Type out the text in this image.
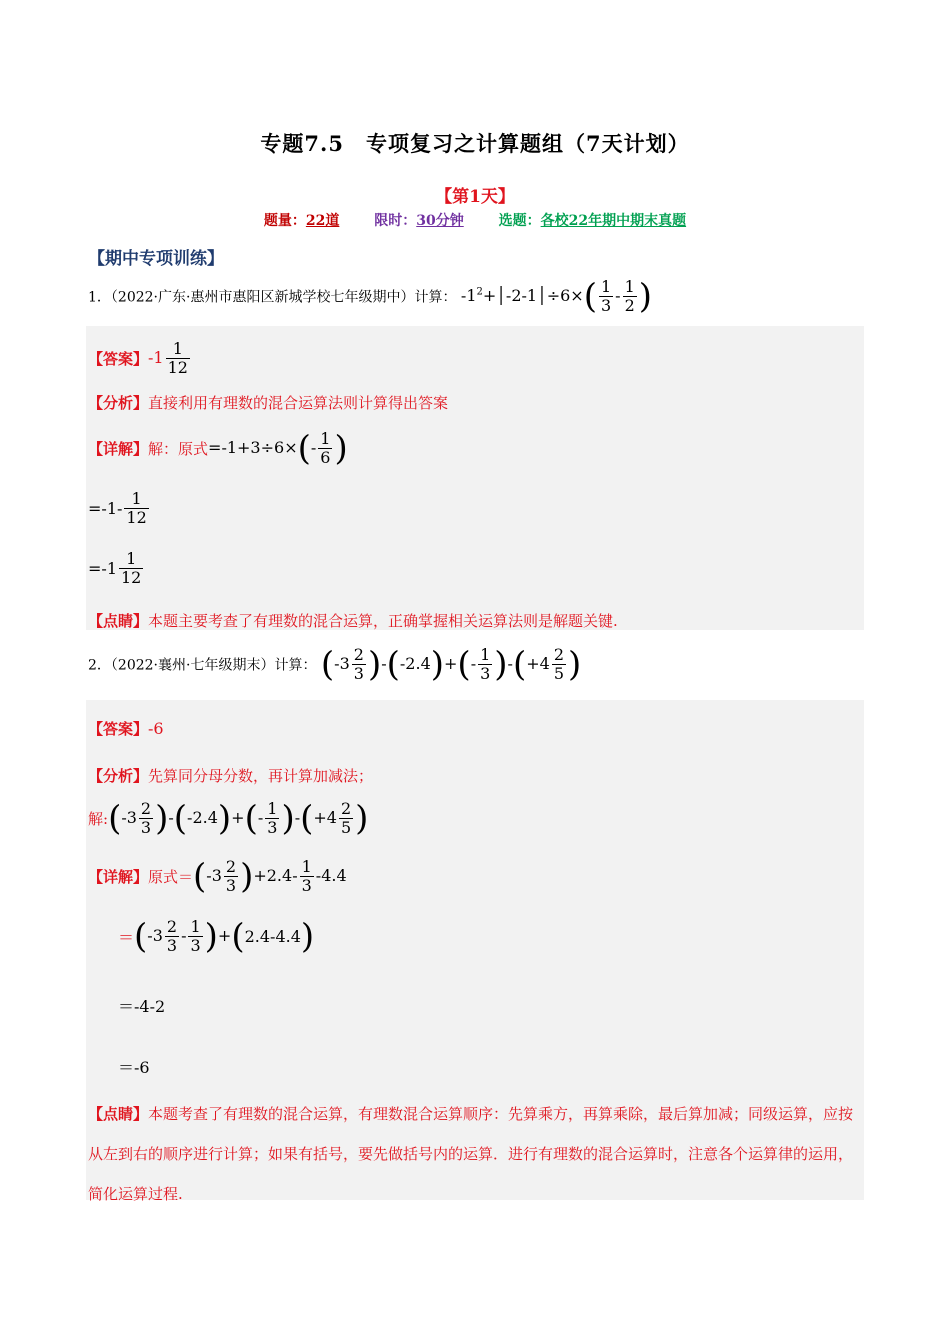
专题7.5　专项复习之计算题组（7天计划）
【第1天】
题量：22道 限时：30分钟 选题：各校22年期中期末真题
【期中专项训练】
1．（2022·广东·惠州市惠阳区新城学校七年级期中）计算： $-1^2+│-2-1│\div 6\times( \frac{1}{3} - \frac{1}{2}$ )
【答案】$-1 \frac{1}{12}$
【分析】直接利用有理数的混合运算法则计算得出答案
【详解】解：原式$=-1+3\div 6\times(- \frac{1}{6}$ )
$=-1- \frac{1}{12}$
$=-1 \frac{1}{12}$
【点睛】本题主要考查了有理数的混合运算，正确掌握相关运算法则是解题关键.
2．（2022·襄州·七年级期末）计算： $(-3 \frac{2}{3} )-(-2.4)+(- \frac{1}{3} )-(+4 \frac{2}{5}$ )
【答案】-6
【分析】先算同分母分数，再计算加减法；
解:(-3 $\frac{2}{3} )-(-2.4)+(- \frac{1}{3} )-(+4 \frac{2}{5}$ )
【详解】原式$=(-3 \frac{2}{3} )+2.4- \frac{1}{3} -4.4$
$=(-3 \frac{2}{3} - \frac{1}{3} )+(2.4-4.4)$
＝-4-2
＝-6
【点睛】本题考查了有理数的混合运算，有理数混合运算顺序：先算乘方，再算乘除，最后算加减；同级运算，应按从左到右的顺序进行计算；如果有括号，要先做括号内的运算．进行有理数的混合运算时，注意各个运算律的运用，简化运算过程.
